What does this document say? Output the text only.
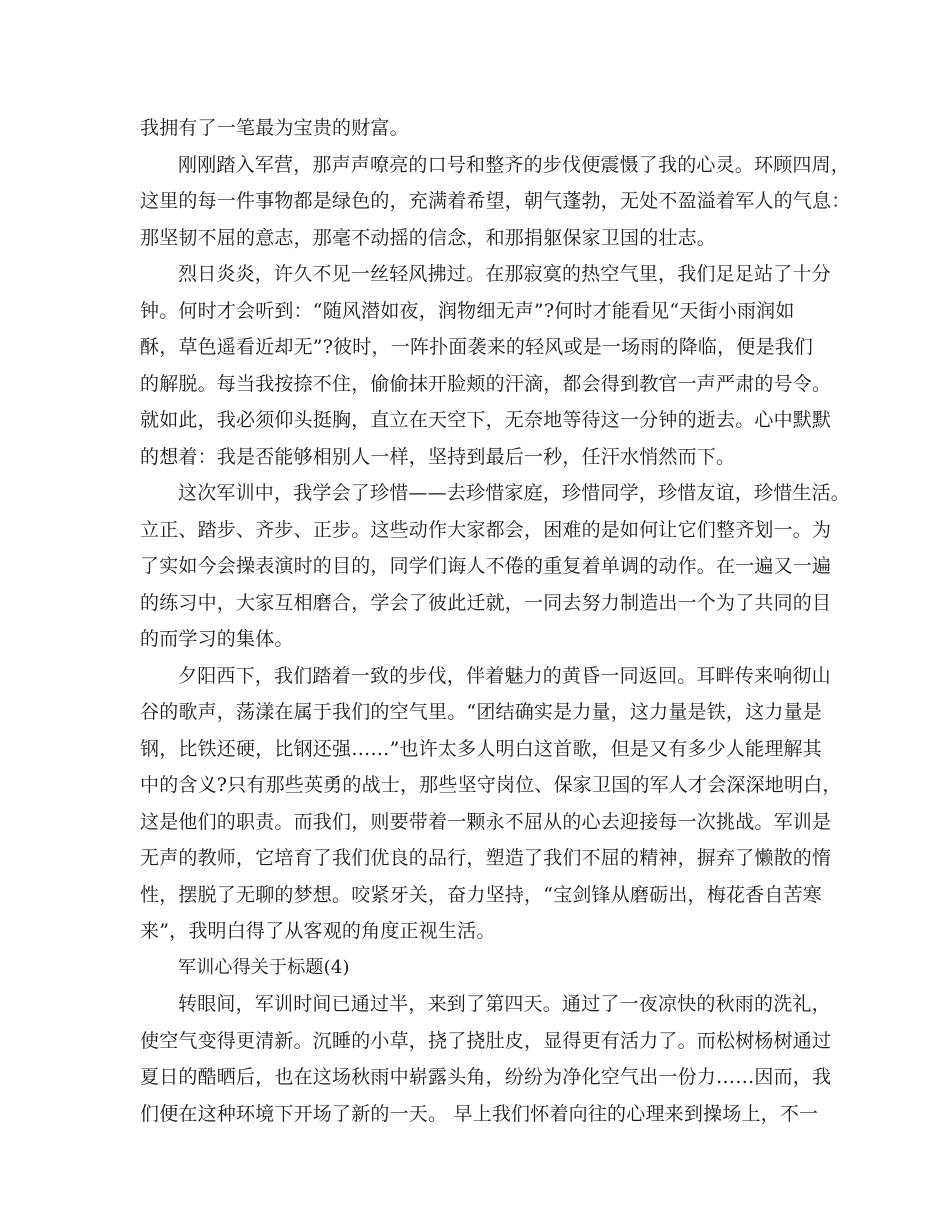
我拥有了一笔最为宝贵的财富。
刚刚踏入军营，那声声嘹亮的口号和整齐的步伐便震慑了我的心灵。环顾四周，
这里的每一件事物都是绿色的，充满着希望，朝气蓬勃，无处不盈溢着军人的气息：
那坚韧不屈的意志，那毫不动摇的信念，和那捐躯保家卫国的壮志。
烈日炎炎，许久不见一丝轻风拂过。在那寂寞的热空气里，我们足足站了十分
钟。何时才会听到：“随风潜如夜，润物细无声”?何时才能看见“天街小雨润如
酥，草色遥看近却无”?彼时，一阵扑面袭来的轻风或是一场雨的降临，便是我们
的解脱。每当我按捺不住，偷偷抹开脸颊的汗滴，都会得到教官一声严肃的号令。
就如此，我必须仰头挺胸，直立在天空下，无奈地等待这一分钟的逝去。心中默默
的想着：我是否能够相别人一样，坚持到最后一秒，任汗水悄然而下。
这次军训中，我学会了珍惜——去珍惜家庭，珍惜同学，珍惜友谊，珍惜生活。
立正、踏步、齐步、正步。这些动作大家都会，困难的是如何让它们整齐划一。为
了实如今会操表演时的目的，同学们诲人不倦的重复着单调的动作。在一遍又一遍
的练习中，大家互相磨合，学会了彼此迁就，一同去努力制造出一个为了共同的目
的而学习的集体。
夕阳西下，我们踏着一致的步伐，伴着魅力的黄昏一同返回。耳畔传来响彻山
谷的歌声，荡漾在属于我们的空气里。“团结确实是力量，这力量是铁，这力量是
钢，比铁还硬，比钢还强……”也许太多人明白这首歌，但是又有多少人能理解其
中的含义?只有那些英勇的战士，那些坚守岗位、保家卫国的军人才会深深地明白，
这是他们的职责。而我们，则要带着一颗永不屈从的心去迎接每一次挑战。军训是
无声的教师，它培育了我们优良的品行，塑造了我们不屈的精神，摒弃了懒散的惰
性，摆脱了无聊的梦想。咬紧牙关，奋力坚持，“宝剑锋从磨砺出，梅花香自苦寒
来”，我明白得了从客观的角度正视生活。
军训心得关于标题(4)
转眼间，军训时间已通过半，来到了第四天。通过了一夜凉快的秋雨的洗礼，
使空气变得更清新。沉睡的小草，挠了挠肚皮，显得更有活力了。而松树杨树通过
夏日的酷晒后，也在这场秋雨中崭露头角，纷纷为净化空气出一份力……因而，我
们便在这种环境下开场了新的一天。 早上我们怀着向往的心理来到操场上，不一
